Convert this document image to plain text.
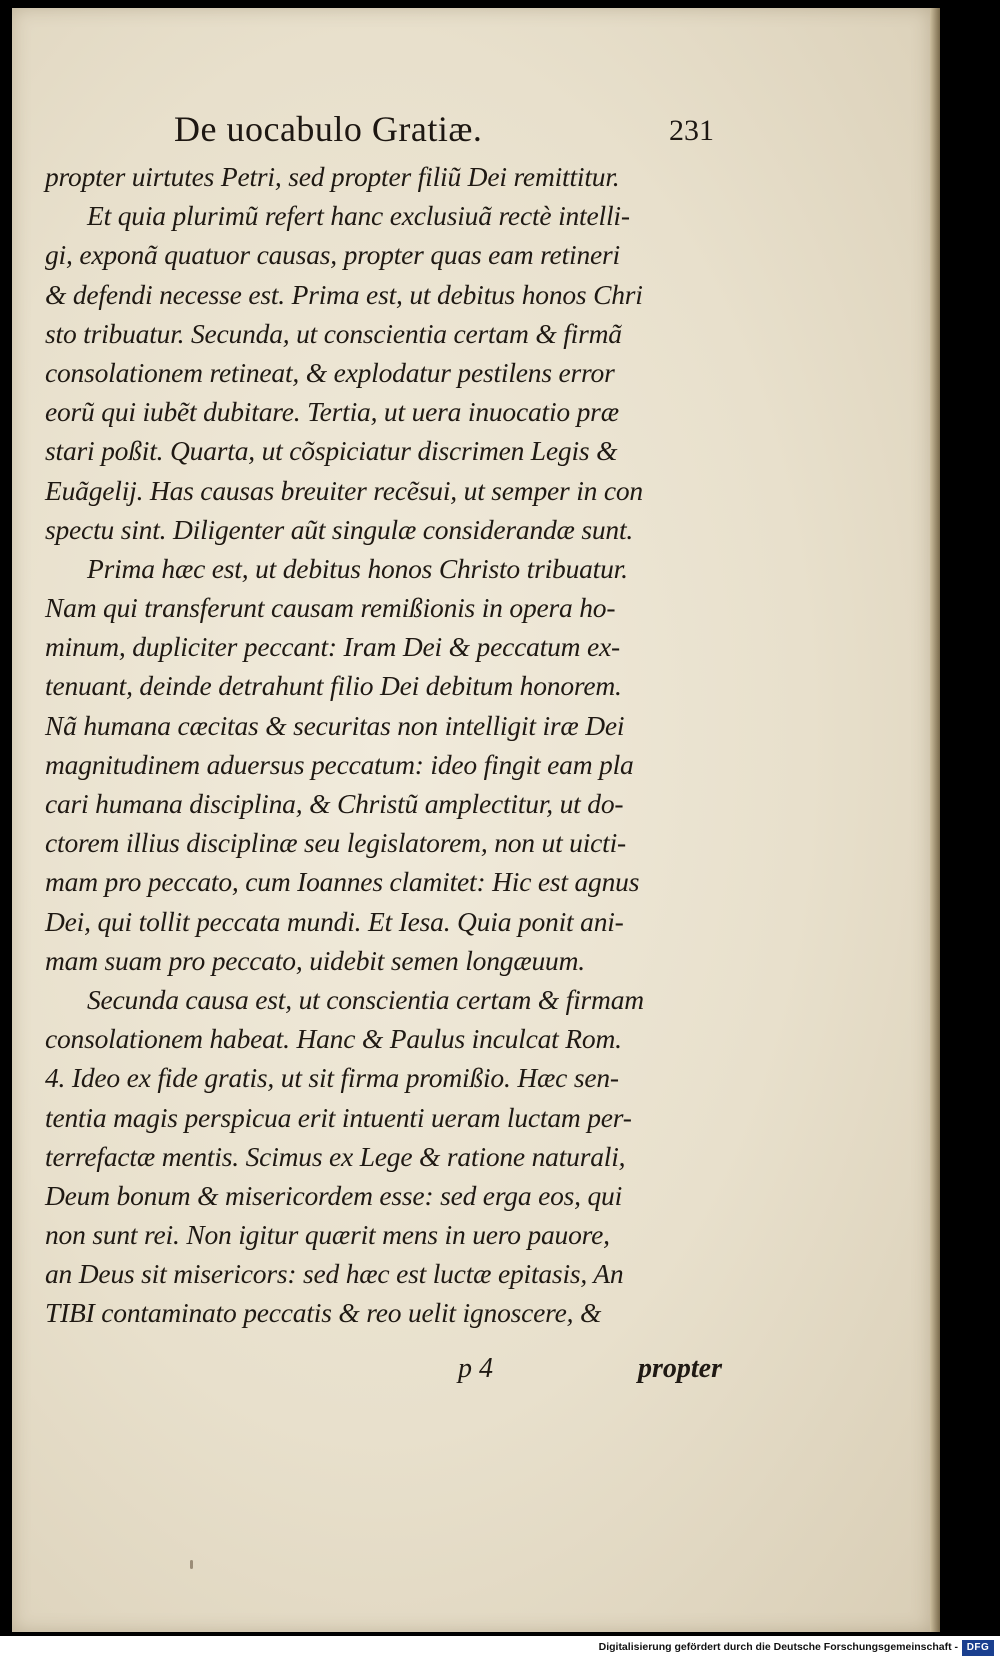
De uocabulo Gratiæ.	231
propter uirtutes Petri, sed propter filiũ Dei remittitur.
Et quia plurimũ refert hanc exclusiuã rectè intelli-
gi, exponã quatuor causas, propter quas eam retineri
& defendi necesse est. Prima est, ut debitus honos Chri
sto tribuatur. Secunda, ut conscientia certam & firmã
consolationem retineat, & explodatur pestilens error
eorũ qui iubẽt dubitare. Tertia, ut uera inuocatio præ
stari poßit. Quarta, ut cõspiciatur discrimen Legis &
Euãgelij. Has causas breuiter recẽsui, ut semper in con
spectu sint. Diligenter aũt singulæ considerandæ sunt.
Prima hæc est, ut debitus honos Christo tribuatur.
Nam qui transferunt causam remißionis in opera ho-
minum, dupliciter peccant: Iram Dei & peccatum ex-
tenuant, deinde detrahunt filio Dei debitum honorem.
Nã humana cæcitas & securitas non intelligit iræ Dei
magnitudinem aduersus peccatum: ideo fingit eam pla
cari humana disciplina, & Christũ amplectitur, ut do-
ctorem illius disciplinæ seu legislatorem, non ut uicti-
mam pro peccato, cum Ioannes clamitet: Hic est agnus
Dei, qui tollit peccata mundi. Et Iesa. Quia ponit ani-
mam suam pro peccato, uidebit semen longæuum.
Secunda causa est, ut conscientia certam & firmam
consolationem habeat. Hanc & Paulus inculcat Rom.
4. Ideo ex fide gratis, ut sit firma promißio. Hæc sen-
tentia magis perspicua erit intuenti ueram luctam per-
terrefactæ mentis. Scimus ex Lege & ratione naturali,
Deum bonum & misericordem esse: sed erga eos, qui
non sunt rei. Non igitur quærit mens in uero pauore,
an Deus sit misericors: sed hæc est luctæ epitasis, An
TIBI contaminato peccatis & reo uelit ignoscere, &
p 4	propter
Digitalisierung gefördert durch die Deutsche Forschungsgemeinschaft - DFG
